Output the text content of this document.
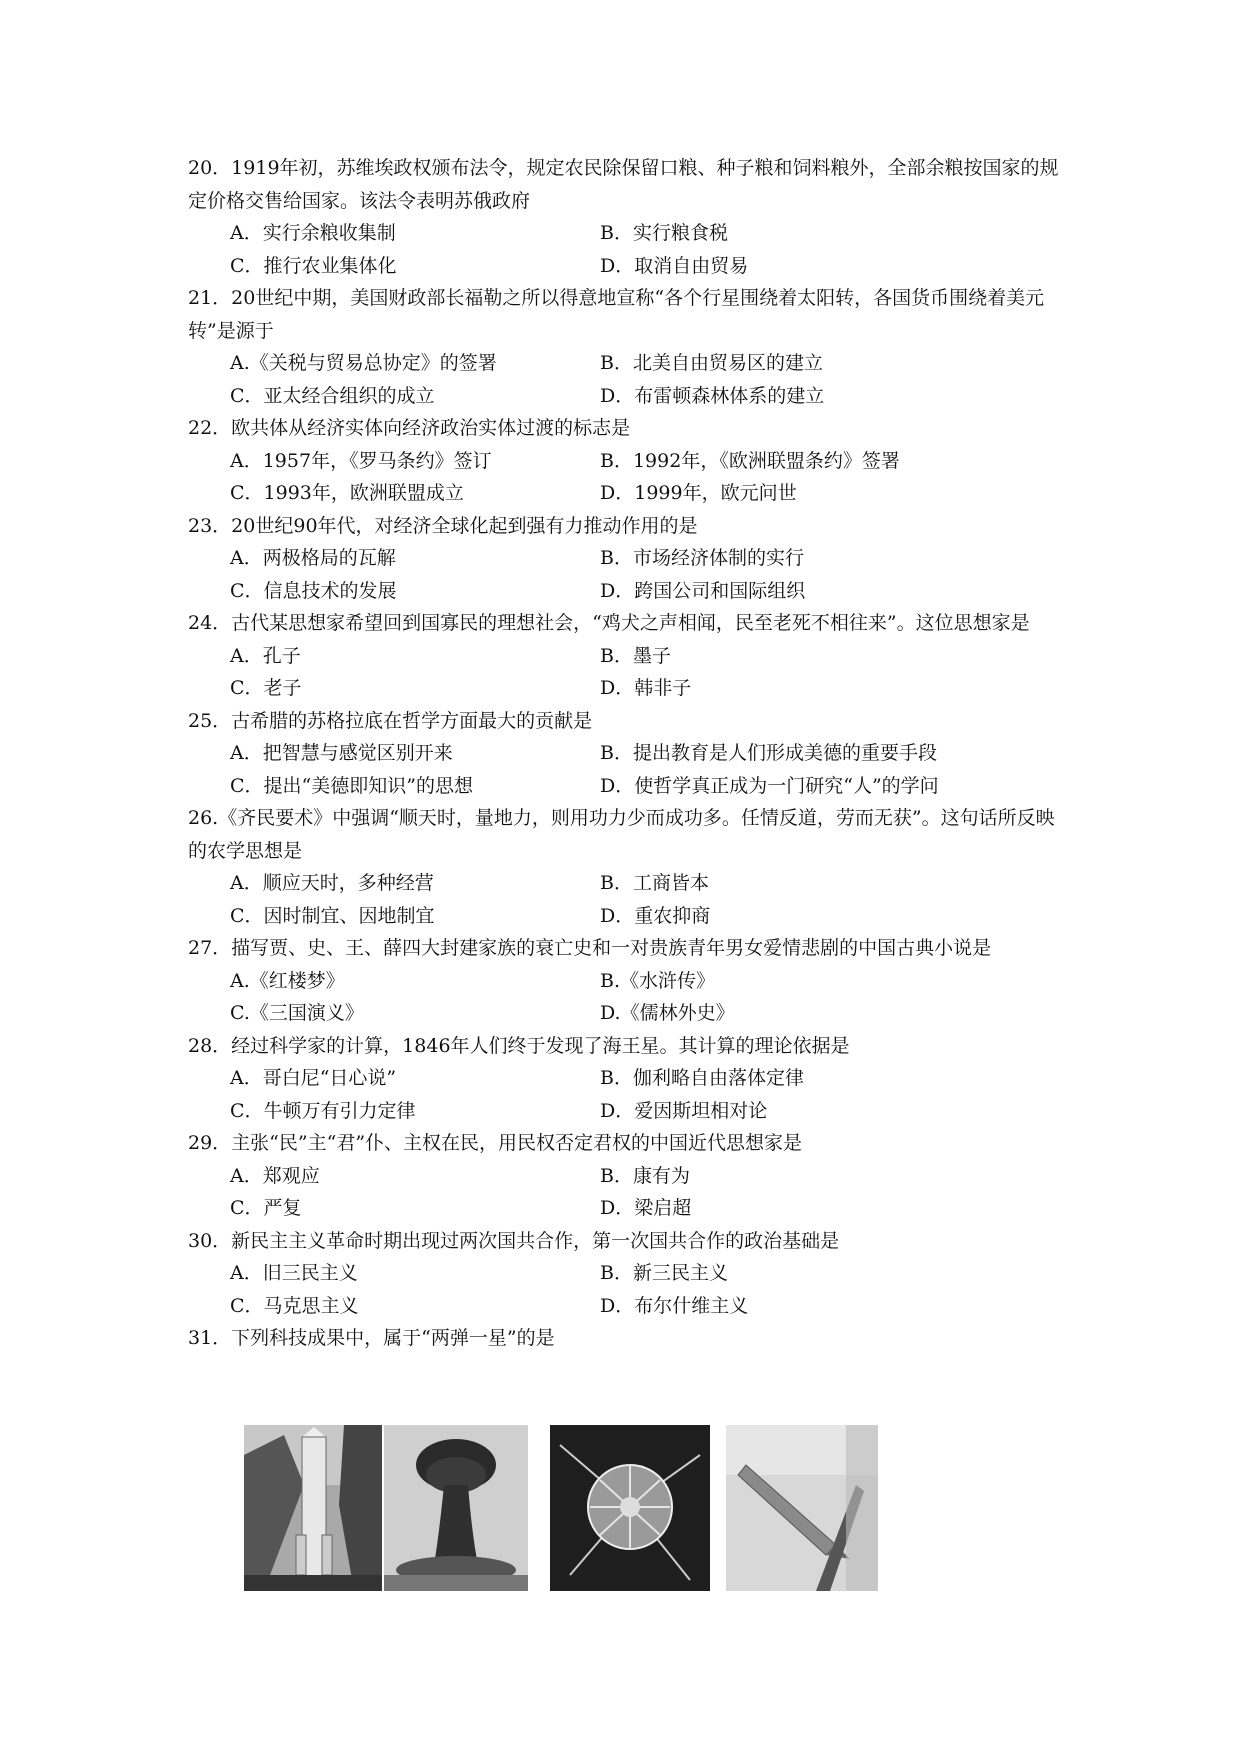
20．1919年初，苏维埃政权颁布法令，规定农民除保留口粮、种子粮和饲料粮外，全部余粮按国家的规定价格交售给国家。该法令表明苏俄政府

A．实行余粮收集制	B．实行粮食税
C．推行农业集体化	D．取消自由贸易

21．20世纪中期，美国财政部长福勒之所以得意地宣称“各个行星围绕着太阳转，各国货币围绕着美元转”是源于

A.《关税与贸易总协定》的签署	B．北美自由贸易区的建立
C．亚太经合组织的成立	D．布雷顿森林体系的建立

22．欧共体从经济实体向经济政治实体过渡的标志是

A．1957年，《罗马条约》签订	B．1992年，《欧洲联盟条约》签署
C．1993年，欧洲联盟成立	D．1999年，欧元问世

23．20世纪90年代，对经济全球化起到强有力推动作用的是

A．两极格局的瓦解	B．市场经济体制的实行
C．信息技术的发展	D．跨国公司和国际组织

24．古代某思想家希望回到国寡民的理想社会，“鸡犬之声相闻，民至老死不相往来”。这位思想家是

A．孔子	B．墨子
C．老子	D．韩非子

25．古希腊的苏格拉底在哲学方面最大的贡献是

A．把智慧与感觉区别开来	B．提出教育是人们形成美德的重要手段
C．提出“美德即知识”的思想	D．使哲学真正成为一门研究“人”的学问

26.《齐民要术》中强调“顺天时，量地力，则用功力少而成功多。任情反道，劳而无获”。这句话所反映的农学思想是

A．顺应天时，多种经营	B．工商皆本
C．因时制宜、因地制宜	D．重农抑商

27．描写贾、史、王、薛四大封建家族的衰亡史和一对贵族青年男女爱情悲剧的中国古典小说是

A.《红楼梦》	B.《水浒传》
C.《三国演义》	D.《儒林外史》

28．经过科学家的计算，1846年人们终于发现了海王星。其计算的理论依据是

A．哥白尼“日心说”	B．伽利略自由落体定律
C．牛顿万有引力定律	D．爱因斯坦相对论

29．主张“民”主“君”仆、主权在民，用民权否定君权的中国近代思想家是

A．郑观应	B．康有为
C．严复	D．梁启超

30．新民主主义革命时期出现过两次国共合作，第一次国共合作的政治基础是

A．旧三民主义	B．新三民主义
C．马克思主义	D．布尔什维主义

31．下列科技成果中，属于“两弹一星”的是
